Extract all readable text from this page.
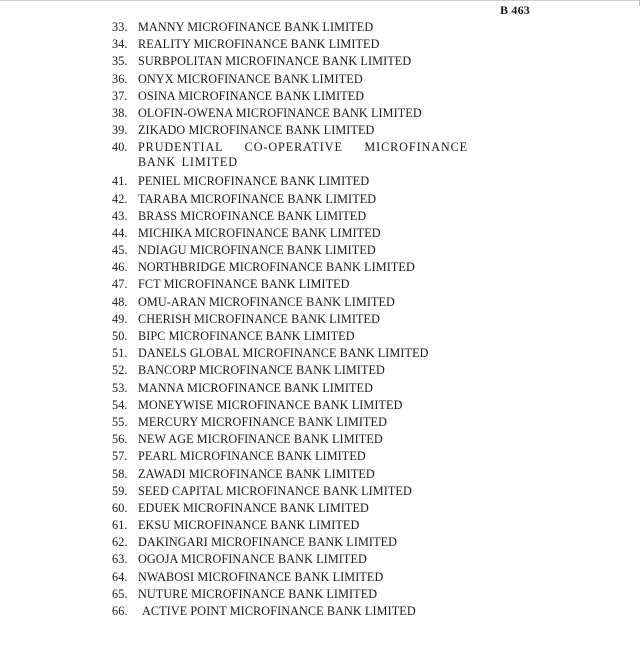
B 463
33. MANNY MICROFINANCE BANK LIMITED
34. REALITY MICROFINANCE BANK LIMITED
35. SURBPOLITAN MICROFINANCE BANK LIMITED
36. ONYX MICROFINANCE BANK LIMITED
37. OSINA MICROFINANCE BANK LIMITED
38. OLOFIN-OWENA MICROFINANCE BANK LIMITED
39. ZIKADO MICROFINANCE BANK LIMITED
40. PRUDENTIAL CO-OPERATIVE MICROFINANCE BANK LIMITED
41. PENIEL MICROFINANCE BANK LIMITED
42. TARABA MICROFINANCE BANK LIMITED
43. BRASS MICROFINANCE BANK LIMITED
44. MICHIKA MICROFINANCE BANK LIMITED
45. NDIAGU MICROFINANCE BANK LIMITED
46. NORTHBRIDGE MICROFINANCE BANK LIMITED
47. FCT MICROFINANCE BANK LIMITED
48. OMU-ARAN MICROFINANCE BANK LIMITED
49. CHERISH MICROFINANCE BANK LIMITED
50. BIPC MICROFINANCE BANK LIMITED
51. DANELS GLOBAL MICROFINANCE BANK LIMITED
52. BANCORP MICROFINANCE BANK LIMITED
53. MANNA MICROFINANCE BANK LIMITED
54. MONEYWISE MICROFINANCE BANK LIMITED
55. MERCURY MICROFINANCE BANK LIMITED
56. NEW AGE MICROFINANCE BANK LIMITED
57. PEARL MICROFINANCE BANK LIMITED
58. ZAWADI MICROFINANCE BANK LIMITED
59. SEED CAPITAL MICROFINANCE BANK LIMITED
60. EDUEK MICROFINANCE BANK LIMITED
61. EKSU MICROFINANCE BANK LIMITED
62. DAKINGARI MICROFINANCE BANK LIMITED
63. OGOJA MICROFINANCE BANK LIMITED
64. NWABOSI MICROFINANCE BANK LIMITED
65. NUTURE MICROFINANCE BANK LIMITED
66.	ACTIVE POINT MICROFINANCE BANK LIMITED
